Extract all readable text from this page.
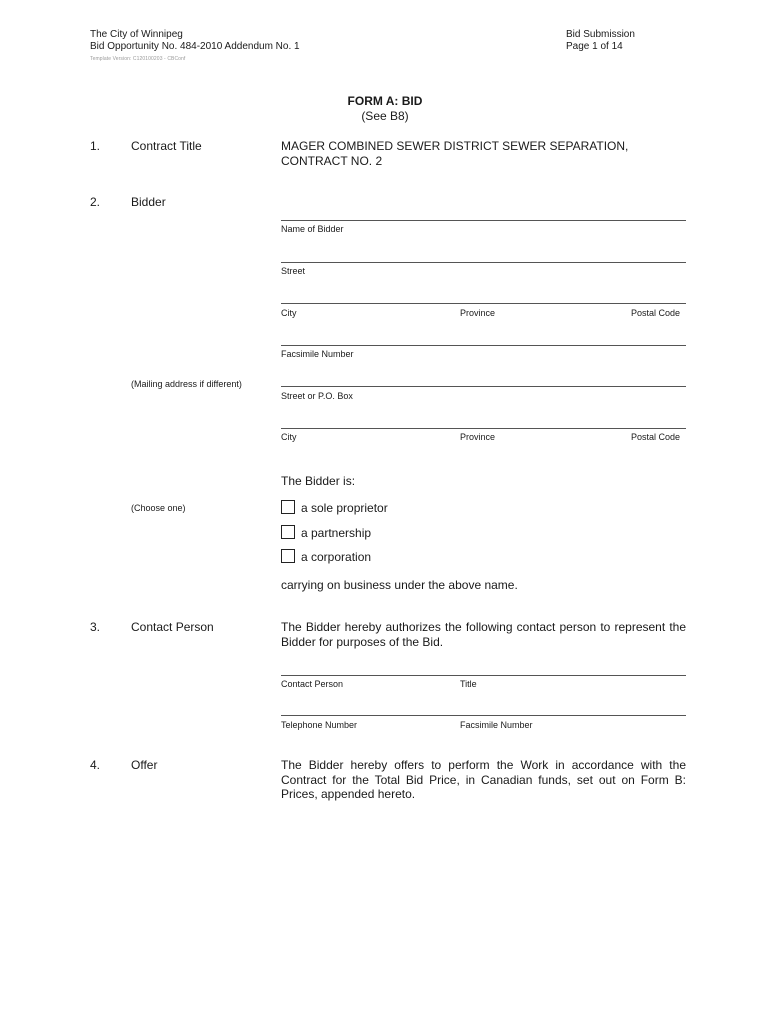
The City of Winnipeg
Bid Opportunity No. 484-2010 Addendum No. 1
Template Version: C120100203 - CBConf
Bid Submission
Page 1 of 14
FORM A: BID
(See B8)
1.	Contract Title	MAGER COMBINED SEWER DISTRICT SEWER SEPARATION,
CONTRACT NO. 2
2.	Bidder
Name of Bidder
Street
City	Province	Postal Code
Facsimile Number
(Mailing address if different)
Street or P.O. Box
City	Province	Postal Code
The Bidder is:
(Choose one)	a sole proprietor
a partnership
a corporation
carrying on business under the above name.
3.	Contact Person	The Bidder hereby authorizes the following contact person to represent the Bidder for purposes of the Bid.
Contact Person	Title
Telephone Number	Facsimile Number
4.	Offer	The Bidder hereby offers to perform the Work in accordance with the Contract for the Total Bid Price, in Canadian funds, set out on Form B: Prices, appended hereto.
